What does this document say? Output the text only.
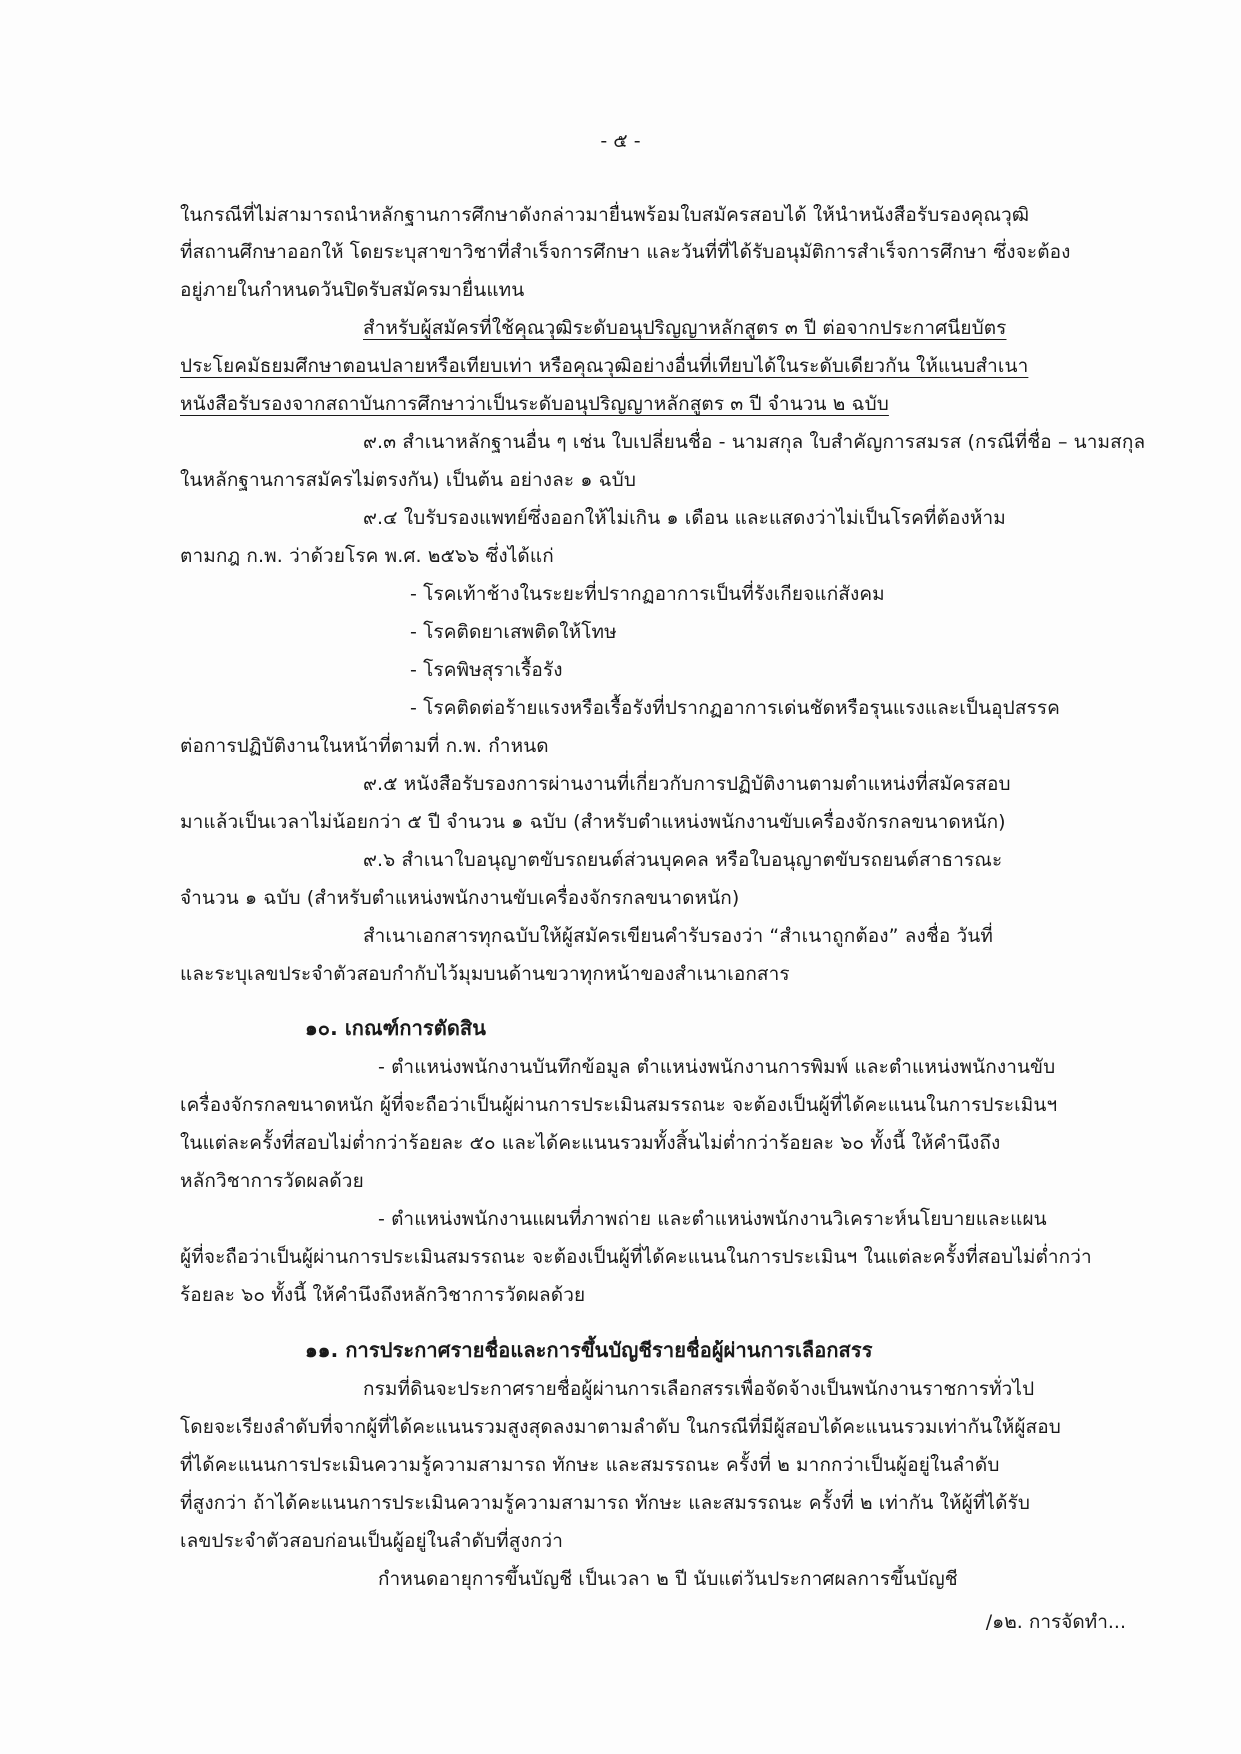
- ๕ -
ในกรณีที่ไม่สามารถนำหลักฐานการศึกษาดังกล่าวมายื่นพร้อมใบสมัครสอบได้ ให้นำหนังสือรับรองคุณวุฒิ
ที่สถานศึกษาออกให้ โดยระบุสาขาวิชาที่สำเร็จการศึกษา และวันที่ที่ได้รับอนุมัติการสำเร็จการศึกษา ซึ่งจะต้อง
อยู่ภายในกำหนดวันปิดรับสมัครมายื่นแทน
สำหรับผู้สมัครที่ใช้คุณวุฒิระดับอนุปริญญาหลักสูตร ๓ ปี ต่อจากประกาศนียบัตร
ประโยคมัธยมศึกษาตอนปลายหรือเทียบเท่า หรือคุณวุฒิอย่างอื่นที่เทียบได้ในระดับเดียวกัน ให้แนบสำเนา
หนังสือรับรองจากสถาบันการศึกษาว่าเป็นระดับอนุปริญญาหลักสูตร ๓ ปี จำนวน ๒ ฉบับ
๙.๓ สำเนาหลักฐานอื่น ๆ เช่น ใบเปลี่ยนชื่อ - นามสกุล ใบสำคัญการสมรส (กรณีที่ชื่อ – นามสกุล
ในหลักฐานการสมัครไม่ตรงกัน) เป็นต้น อย่างละ ๑ ฉบับ
๙.๔ ใบรับรองแพทย์ซึ่งออกให้ไม่เกิน ๑ เดือน และแสดงว่าไม่เป็นโรคที่ต้องห้าม
ตามกฎ ก.พ. ว่าด้วยโรค พ.ศ. ๒๕๖๖ ซึ่งได้แก่
- โรคเท้าช้างในระยะที่ปรากฏอาการเป็นที่รังเกียจแก่สังคม
- โรคติดยาเสพติดให้โทษ
- โรคพิษสุราเรื้อรัง
- โรคติดต่อร้ายแรงหรือเรื้อรังที่ปรากฏอาการเด่นชัดหรือรุนแรงและเป็นอุปสรรค
ต่อการปฏิบัติงานในหน้าที่ตามที่ ก.พ. กำหนด
๙.๕ หนังสือรับรองการผ่านงานที่เกี่ยวกับการปฏิบัติงานตามตำแหน่งที่สมัครสอบ
มาแล้วเป็นเวลาไม่น้อยกว่า ๕ ปี จำนวน ๑ ฉบับ (สำหรับตำแหน่งพนักงานขับเครื่องจักรกลขนาดหนัก)
๙.๖ สำเนาใบอนุญาตขับรถยนต์ส่วนบุคคล หรือใบอนุญาตขับรถยนต์สาธารณะ
จำนวน ๑ ฉบับ (สำหรับตำแหน่งพนักงานขับเครื่องจักรกลขนาดหนัก)
สำเนาเอกสารทุกฉบับให้ผู้สมัครเขียนคำรับรองว่า “สำเนาถูกต้อง” ลงชื่อ วันที่
และระบุเลขประจำตัวสอบกำกับไว้มุมบนด้านขวาทุกหน้าของสำเนาเอกสาร
๑๐. เกณฑ์การตัดสิน
- ตำแหน่งพนักงานบันทึกข้อมูล ตำแหน่งพนักงานการพิมพ์ และตำแหน่งพนักงานขับ
เครื่องจักรกลขนาดหนัก ผู้ที่จะถือว่าเป็นผู้ผ่านการประเมินสมรรถนะ จะต้องเป็นผู้ที่ได้คะแนนในการประเมินฯ
ในแต่ละครั้งที่สอบไม่ต่ำกว่าร้อยละ ๕๐ และได้คะแนนรวมทั้งสิ้นไม่ต่ำกว่าร้อยละ ๖๐ ทั้งนี้ ให้คำนึงถึง
หลักวิชาการวัดผลด้วย
- ตำแหน่งพนักงานแผนที่ภาพถ่าย และตำแหน่งพนักงานวิเคราะห์นโยบายและแผน
ผู้ที่จะถือว่าเป็นผู้ผ่านการประเมินสมรรถนะ จะต้องเป็นผู้ที่ได้คะแนนในการประเมินฯ ในแต่ละครั้งที่สอบไม่ต่ำกว่า
ร้อยละ ๖๐ ทั้งนี้ ให้คำนึงถึงหลักวิชาการวัดผลด้วย
๑๑. การประกาศรายชื่อและการขึ้นบัญชีรายชื่อผู้ผ่านการเลือกสรร
กรมที่ดินจะประกาศรายชื่อผู้ผ่านการเลือกสรรเพื่อจัดจ้างเป็นพนักงานราชการทั่วไป
โดยจะเรียงลำดับที่จากผู้ที่ได้คะแนนรวมสูงสุดลงมาตามลำดับ ในกรณีที่มีผู้สอบได้คะแนนรวมเท่ากันให้ผู้สอบ
ที่ได้คะแนนการประเมินความรู้ความสามารถ ทักษะ และสมรรถนะ ครั้งที่ ๒ มากกว่าเป็นผู้อยู่ในลำดับ
ที่สูงกว่า ถ้าได้คะแนนการประเมินความรู้ความสามารถ ทักษะ และสมรรถนะ ครั้งที่ ๒ เท่ากัน ให้ผู้ที่ได้รับ
เลขประจำตัวสอบก่อนเป็นผู้อยู่ในลำดับที่สูงกว่า
กำหนดอายุการขึ้นบัญชี เป็นเวลา ๒ ปี นับแต่วันประกาศผลการขึ้นบัญชี
/๑๒. การจัดทำ...
